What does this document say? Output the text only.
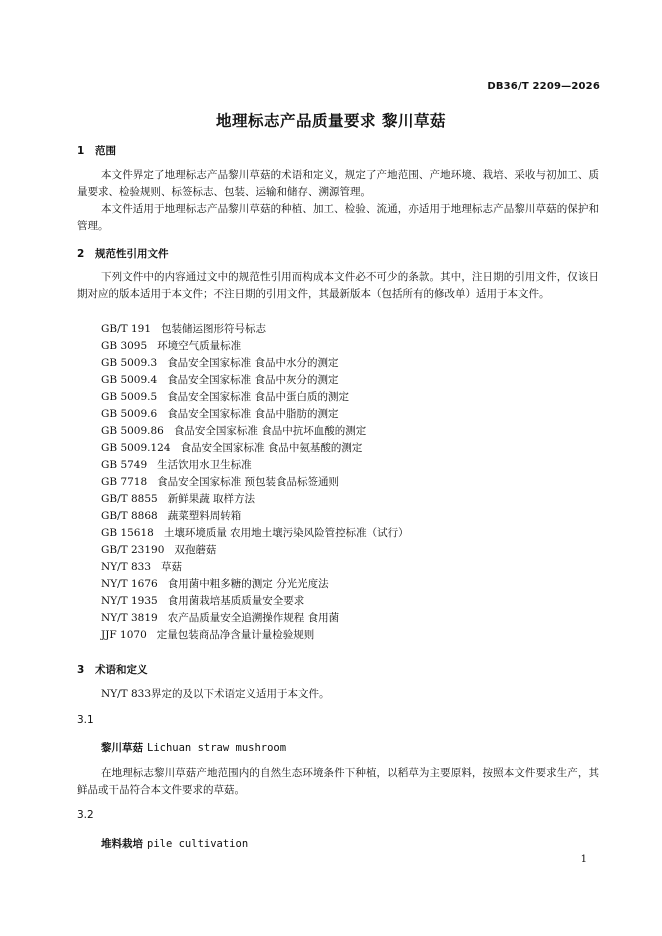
DB36/T 2209—2026
地理标志产品质量要求 黎川草菇
1 范围
本文件界定了地理标志产品黎川草菇的术语和定义，规定了产地范围、产地环境、栽培、采收与初加工、质量要求、检验规则、标签标志、包装、运输和储存、溯源管理。
本文件适用于地理标志产品黎川草菇的种植、加工、检验、流通，亦适用于地理标志产品黎川草菇的保护和管理。
2 规范性引用文件
下列文件中的内容通过文中的规范性引用而构成本文件必不可少的条款。其中，注日期的引用文件，仅该日期对应的版本适用于本文件；不注日期的引用文件，其最新版本（包括所有的修改单）适用于本文件。
GB/T 191 包装储运图形符号标志
GB 3095 环境空气质量标准
GB 5009.3 食品安全国家标准 食品中水分的测定
GB 5009.4 食品安全国家标准 食品中灰分的测定
GB 5009.5 食品安全国家标准 食品中蛋白质的测定
GB 5009.6 食品安全国家标准 食品中脂肪的测定
GB 5009.86 食品安全国家标准 食品中抗坏血酸的测定
GB 5009.124 食品安全国家标准 食品中氨基酸的测定
GB 5749 生活饮用水卫生标准
GB 7718 食品安全国家标准 预包装食品标签通则
GB/T 8855 新鲜果蔬 取样方法
GB/T 8868 蔬菜塑料周转箱
GB 15618 土壤环境质量 农用地土壤污染风险管控标准（试行）
GB/T 23190 双孢蘑菇
NY/T 833 草菇
NY/T 1676 食用菌中粗多糖的测定 分光光度法
NY/T 1935 食用菌栽培基质质量安全要求
NY/T 3819 农产品质量安全追溯操作规程 食用菌
JJF 1070 定量包装商品净含量计量检验规则
3 术语和定义
NY/T 833界定的及以下术语定义适用于本文件。
3.1
黎川草菇 Lichuan straw mushroom
在地理标志黎川草菇产地范围内的自然生态环境条件下种植，以稻草为主要原料，按照本文件要求生产，其鲜品或干品符合本文件要求的草菇。
3.2
堆料栽培 pile cultivation
1
